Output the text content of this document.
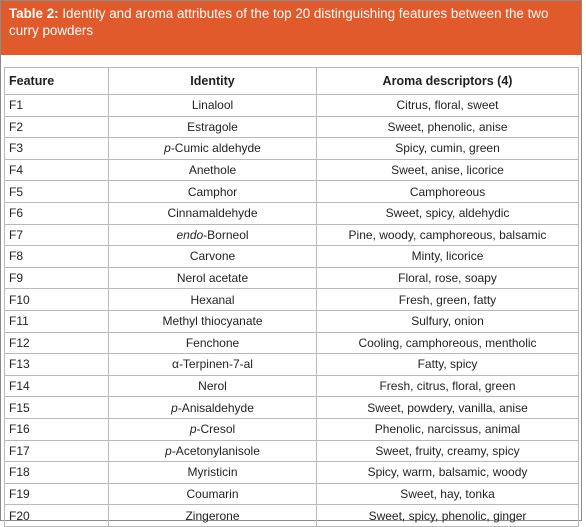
Table 2: Identity and aroma attributes of the top 20 distinguishing features between the two curry powders
Feature	Identity	Aroma descriptors (4)
F1	Linalool	Citrus, floral, sweet
F2	Estragole	Sweet, phenolic, anise
F3	p-Cumic aldehyde	Spicy, cumin, green
F4	Anethole	Sweet, anise, licorice
F5	Camphor	Camphoreous
F6	Cinnamaldehyde	Sweet, spicy, aldehydic
F7	endo-Borneol	Pine, woody, camphoreous, balsamic
F8	Carvone	Minty, licorice
F9	Nerol acetate	Floral, rose, soapy
F10	Hexanal	Fresh, green, fatty
F11	Methyl thiocyanate	Sulfury, onion
F12	Fenchone	Cooling, camphoreous, mentholic
F13	α-Terpinen-7-al	Fatty, spicy
F14	Nerol	Fresh, citrus, floral, green
F15	p-Anisaldehyde	Sweet, powdery, vanilla, anise
F16	p-Cresol	Phenolic, narcissus, animal
F17	p-Acetonylanisole	Sweet, fruity, creamy, spicy
F18	Myristicin	Spicy, warm, balsamic, woody
F19	Coumarin	Sweet, hay, tonka
F20	Zingerone	Sweet, spicy, phenolic, ginger
